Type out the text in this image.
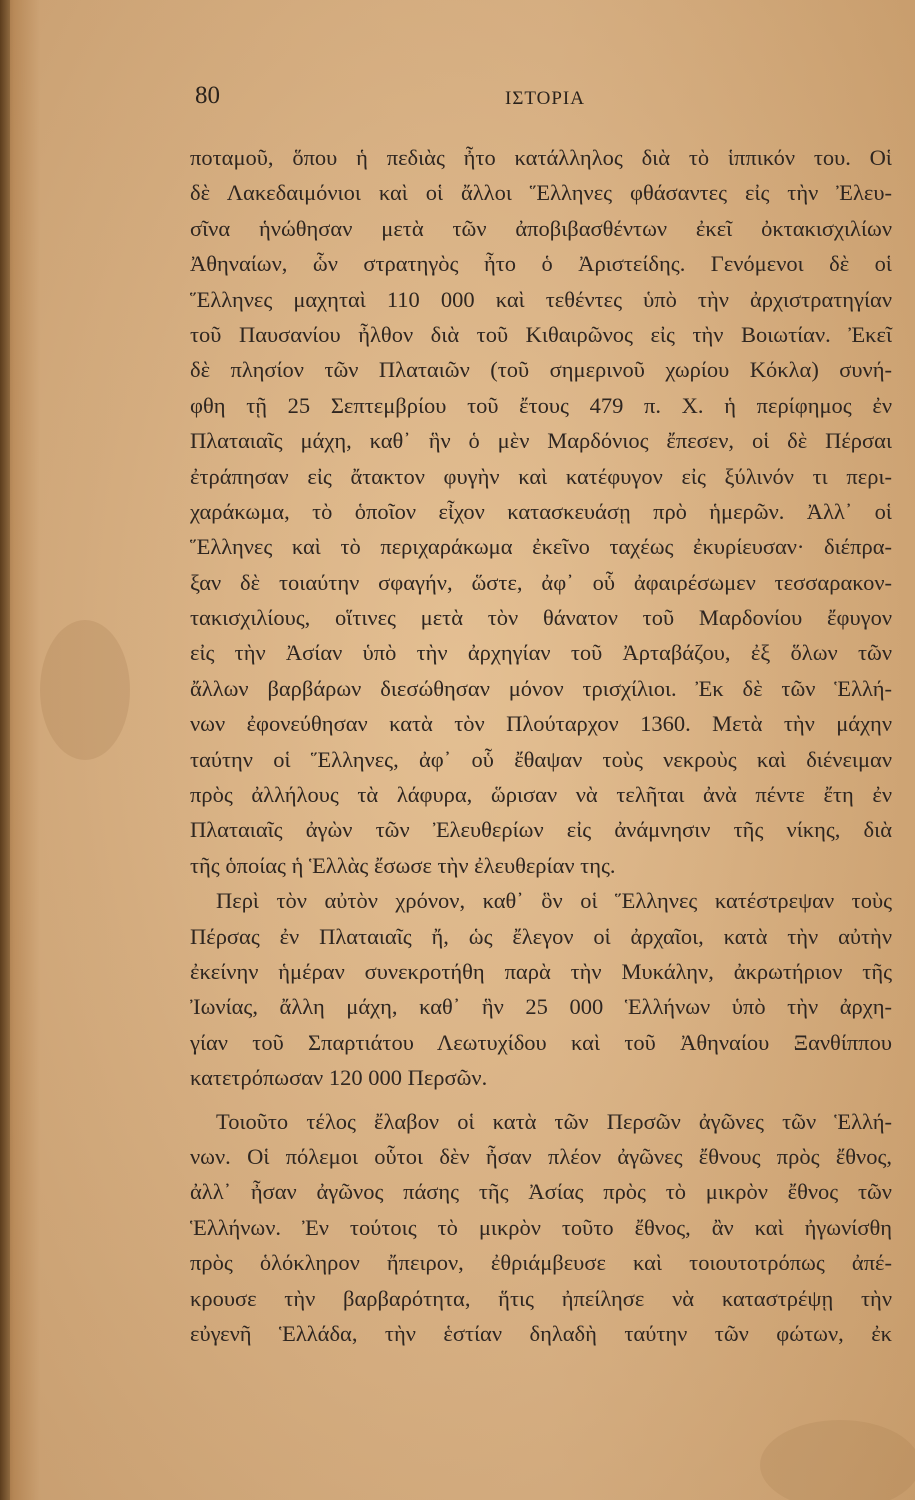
80	ΙΣΤΟΡΙΑ
ποταμοῦ, ὅπου ἡ πεδιὰς ἦτο κατάλληλος διὰ τὸ ἱππικόν του. Οἱ
δὲ Λακεδαιμόνιοι καὶ οἱ ἄλλοι Ἕλληνες φθάσαντες εἰς τὴν Ἐλευ-
σῖνα ἡνώθησαν μετὰ τῶν ἀποβιβασθέντων ἐκεῖ ὀκτακισχιλίων
Ἀθηναίων, ὧν στρατηγὸς ἦτο ὁ Ἀριστείδης. Γενόμενοι δὲ οἱ
Ἕλληνες μαχηταὶ 110 000 καὶ τεθέντες ὑπὸ τὴν ἀρχιστρατηγίαν
τοῦ Παυσανίου ἦλθον διὰ τοῦ Κιθαιρῶνος εἰς τὴν Βοιωτίαν. Ἐκεῖ
δὲ πλησίον τῶν Πλαταιῶν (τοῦ σημερινοῦ χωρίου Κόκλα) συνή-
φθη τῇ 25 Σεπτεμβρίου τοῦ ἔτους 479 π. Χ. ἡ περίφημος ἐν
Πλαταιαῖς μάχη, καθ᾽ ἣν ὁ μὲν Μαρδόνιος ἔπεσεν, οἱ δὲ Πέρσαι
ἐτράπησαν εἰς ἄτακτον φυγὴν καὶ κατέφυγον εἰς ξύλινόν τι περι-
χαράκωμα, τὸ ὁποῖον εἶχον κατασκευάσῃ πρὸ ἡμερῶν. Ἀλλ᾽ οἱ
Ἕλληνες καὶ τὸ περιχαράκωμα ἐκεῖνο ταχέως ἐκυρίευσαν· διέπρα-
ξαν δὲ τοιαύτην σφαγήν, ὥστε, ἀφ᾽ οὗ ἀφαιρέσωμεν τεσσαρακον-
τακισχιλίους, οἵτινες μετὰ τὸν θάνατον τοῦ Μαρδονίου ἔφυγον
εἰς τὴν Ἀσίαν ὑπὸ τὴν ἀρχηγίαν τοῦ Ἀρταβάζου, ἐξ ὅλων τῶν
ἄλλων βαρβάρων διεσώθησαν μόνον τρισχίλιοι. Ἐκ δὲ τῶν Ἑλλή-
νων ἐφονεύθησαν κατὰ τὸν Πλούταρχον 1360. Μετὰ τὴν μάχην
ταύτην οἱ Ἕλληνες, ἀφ᾽ οὗ ἔθαψαν τοὺς νεκροὺς καὶ διένειμαν
πρὸς ἀλλήλους τὰ λάφυρα, ὥρισαν νὰ τελῆται ἀνὰ πέντε ἔτη ἐν
Πλαταιαῖς ἀγὼν τῶν Ἐλευθερίων εἰς ἀνάμνησιν τῆς νίκης, διὰ
τῆς ὁποίας ἡ Ἑλλὰς ἔσωσε τὴν ἐλευθερίαν της.
Περὶ τὸν αὐτὸν χρόνον, καθ᾽ ὃν οἱ Ἕλληνες κατέστρεψαν τοὺς
Πέρσας ἐν Πλαταιαῖς ἤ, ὡς ἔλεγον οἱ ἀρχαῖοι, κατὰ τὴν αὐτὴν
ἐκείνην ἡμέραν συνεκροτήθη παρὰ τὴν Μυκάλην, ἀκρωτήριον τῆς
Ἰωνίας, ἄλλη μάχη, καθ᾽ ἣν 25 000 Ἑλλήνων ὑπὸ τὴν ἀρχη-
γίαν τοῦ Σπαρτιάτου Λεωτυχίδου καὶ τοῦ Ἀθηναίου Ξανθίππου
κατετρόπωσαν 120 000 Περσῶν.
Τοιοῦτο τέλος ἔλαβον οἱ κατὰ τῶν Περσῶν ἀγῶνες τῶν Ἑλλή-
νων. Οἱ πόλεμοι οὗτοι δὲν ἦσαν πλέον ἀγῶνες ἔθνους πρὸς ἔθνος,
ἀλλ᾽ ἦσαν ἀγῶνος πάσης τῆς Ἀσίας πρὸς τὸ μικρὸν ἔθνος τῶν
Ἑλλήνων. Ἐν τούτοις τὸ μικρὸν τοῦτο ἔθνος, ἂν καὶ ἠγωνίσθη
πρὸς ὁλόκληρον ἤπειρον, ἐθριάμβευσε καὶ τοιουτοτρόπως ἀπέ-
κρουσε τὴν βαρβαρότητα, ἥτις ἠπείλησε νὰ καταστρέψῃ τὴν
εὐγενῆ Ἑλλάδα, τὴν ἑστίαν δηλαδὴ ταύτην τῶν φώτων, ἐκ
